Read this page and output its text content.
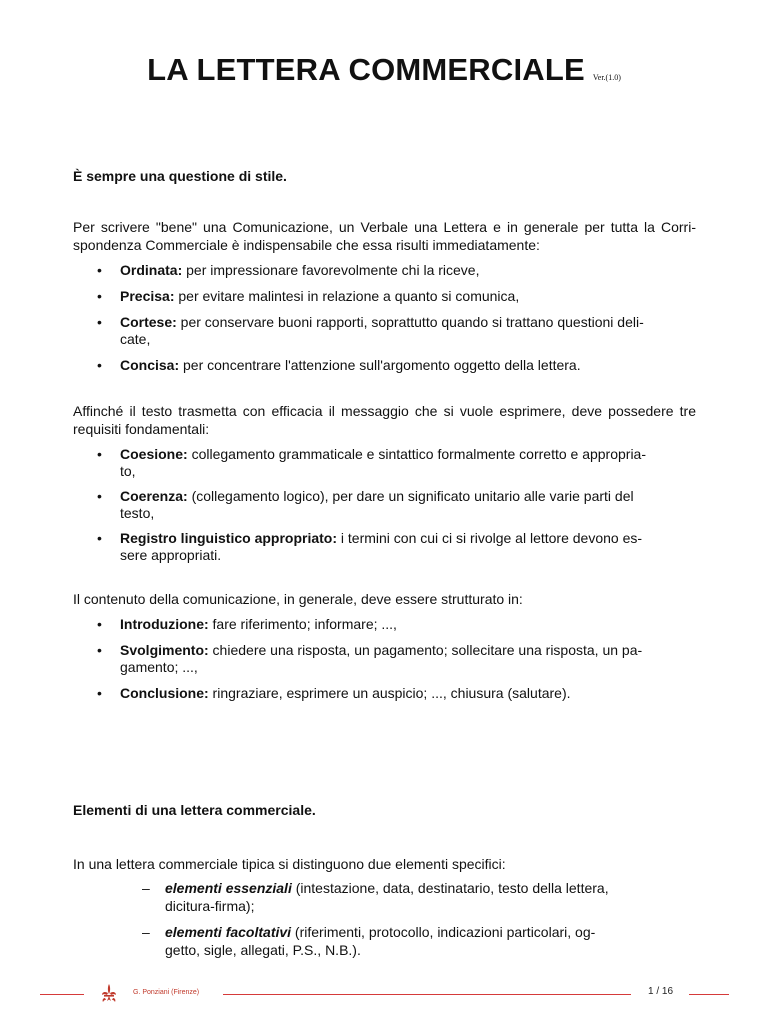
LA LETTERA COMMERCIALE Ver.(1.0)
È sempre una questione di stile.
Per scrivere "bene" una Comunicazione, un Verbale una Lettera e in generale per tutta la Corri-
spondenza Commerciale è indispensabile che essa risulti immediatamente:
• Ordinata: per impressionare favorevolmente chi la riceve,
• Precisa: per evitare malintesi in relazione a quanto si comunica,
• Cortese: per conservare buoni rapporti, soprattutto quando si trattano questioni deli-
cate,
• Concisa: per concentrare l'attenzione sull'argomento oggetto della lettera.
Affinché il testo trasmetta con efficacia il messaggio che si vuole esprimere, deve possedere tre
requisiti fondamentali:
• Coesione: collegamento grammaticale e sintattico formalmente corretto e appropria-
to,
• Coerenza: (collegamento logico), per dare un significato unitario alle varie parti del
testo,
• Registro linguistico appropriato: i termini con cui ci si rivolge al lettore devono es-
sere appropriati.
Il contenuto della comunicazione, in generale, deve essere strutturato in:
• Introduzione: fare riferimento; informare; ...,
• Svolgimento: chiedere una risposta, un pagamento; sollecitare una risposta, un pa-
gamento; ...,
• Conclusione: ringraziare, esprimere un auspicio; ..., chiusura (salutare).
Elementi di una lettera commerciale.
In una lettera commerciale tipica si distinguono due elementi specifici:
– elementi essenziali (intestazione, data, destinatario, testo della lettera,
dicitura-firma);
– elementi facoltativi (riferimenti, protocollo, indicazioni particolari, og-
getto, sigle, allegati, P.S., N.B.).
G. Ponziani (Firenze)	1 / 16
